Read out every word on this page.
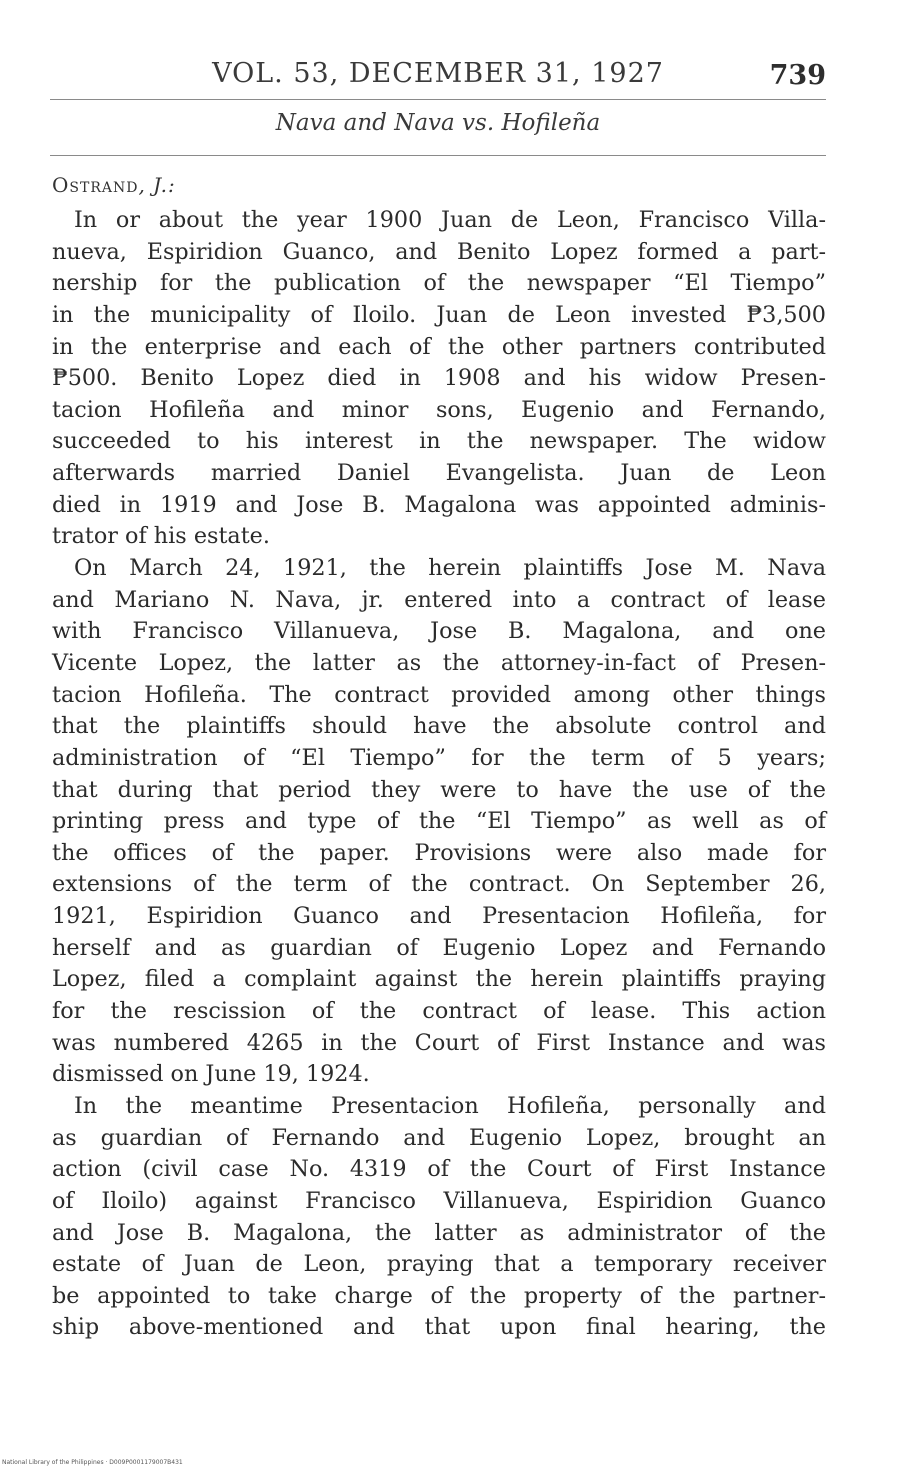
VOL. 53, DECEMBER 31, 1927	739
Nava and Nava vs. Hofileña
Ostrand, J.:
In or about the year 1900 Juan de Leon, Francisco Villa-
nueva, Espiridion Guanco, and Benito Lopez formed a part-
nership for the publication of the newspaper “El Tiempo”
in the municipality of Iloilo. Juan de Leon invested ₱3,500
in the enterprise and each of the other partners contributed
₱500. Benito Lopez died in 1908 and his widow Presen-
tacion Hofileña and minor sons, Eugenio and Fernando,
succeeded to his interest in the newspaper. The widow
afterwards married Daniel Evangelista. Juan de Leon
died in 1919 and Jose B. Magalona was appointed adminis-
trator of his estate.
On March 24, 1921, the herein plaintiffs Jose M. Nava
and Mariano N. Nava, jr. entered into a contract of lease
with Francisco Villanueva, Jose B. Magalona, and one
Vicente Lopez, the latter as the attorney-in-fact of Presen-
tacion Hofileña. The contract provided among other things
that the plaintiffs should have the absolute control and
administration of “El Tiempo” for the term of 5 years;
that during that period they were to have the use of the
printing press and type of the “El Tiempo” as well as of
the offices of the paper. Provisions were also made for
extensions of the term of the contract. On September 26,
1921, Espiridion Guanco and Presentacion Hofileña, for
herself and as guardian of Eugenio Lopez and Fernando
Lopez, filed a complaint against the herein plaintiffs praying
for the rescission of the contract of lease. This action
was numbered 4265 in the Court of First Instance and was
dismissed on June 19, 1924.
In the meantime Presentacion Hofileña, personally and
as guardian of Fernando and Eugenio Lopez, brought an
action (civil case No. 4319 of the Court of First Instance
of Iloilo) against Francisco Villanueva, Espiridion Guanco
and Jose B. Magalona, the latter as administrator of the
estate of Juan de Leon, praying that a temporary receiver
be appointed to take charge of the property of the partner-
ship above-mentioned and that upon final hearing, the
National Library of the Philippines · D009P0001179007B431
